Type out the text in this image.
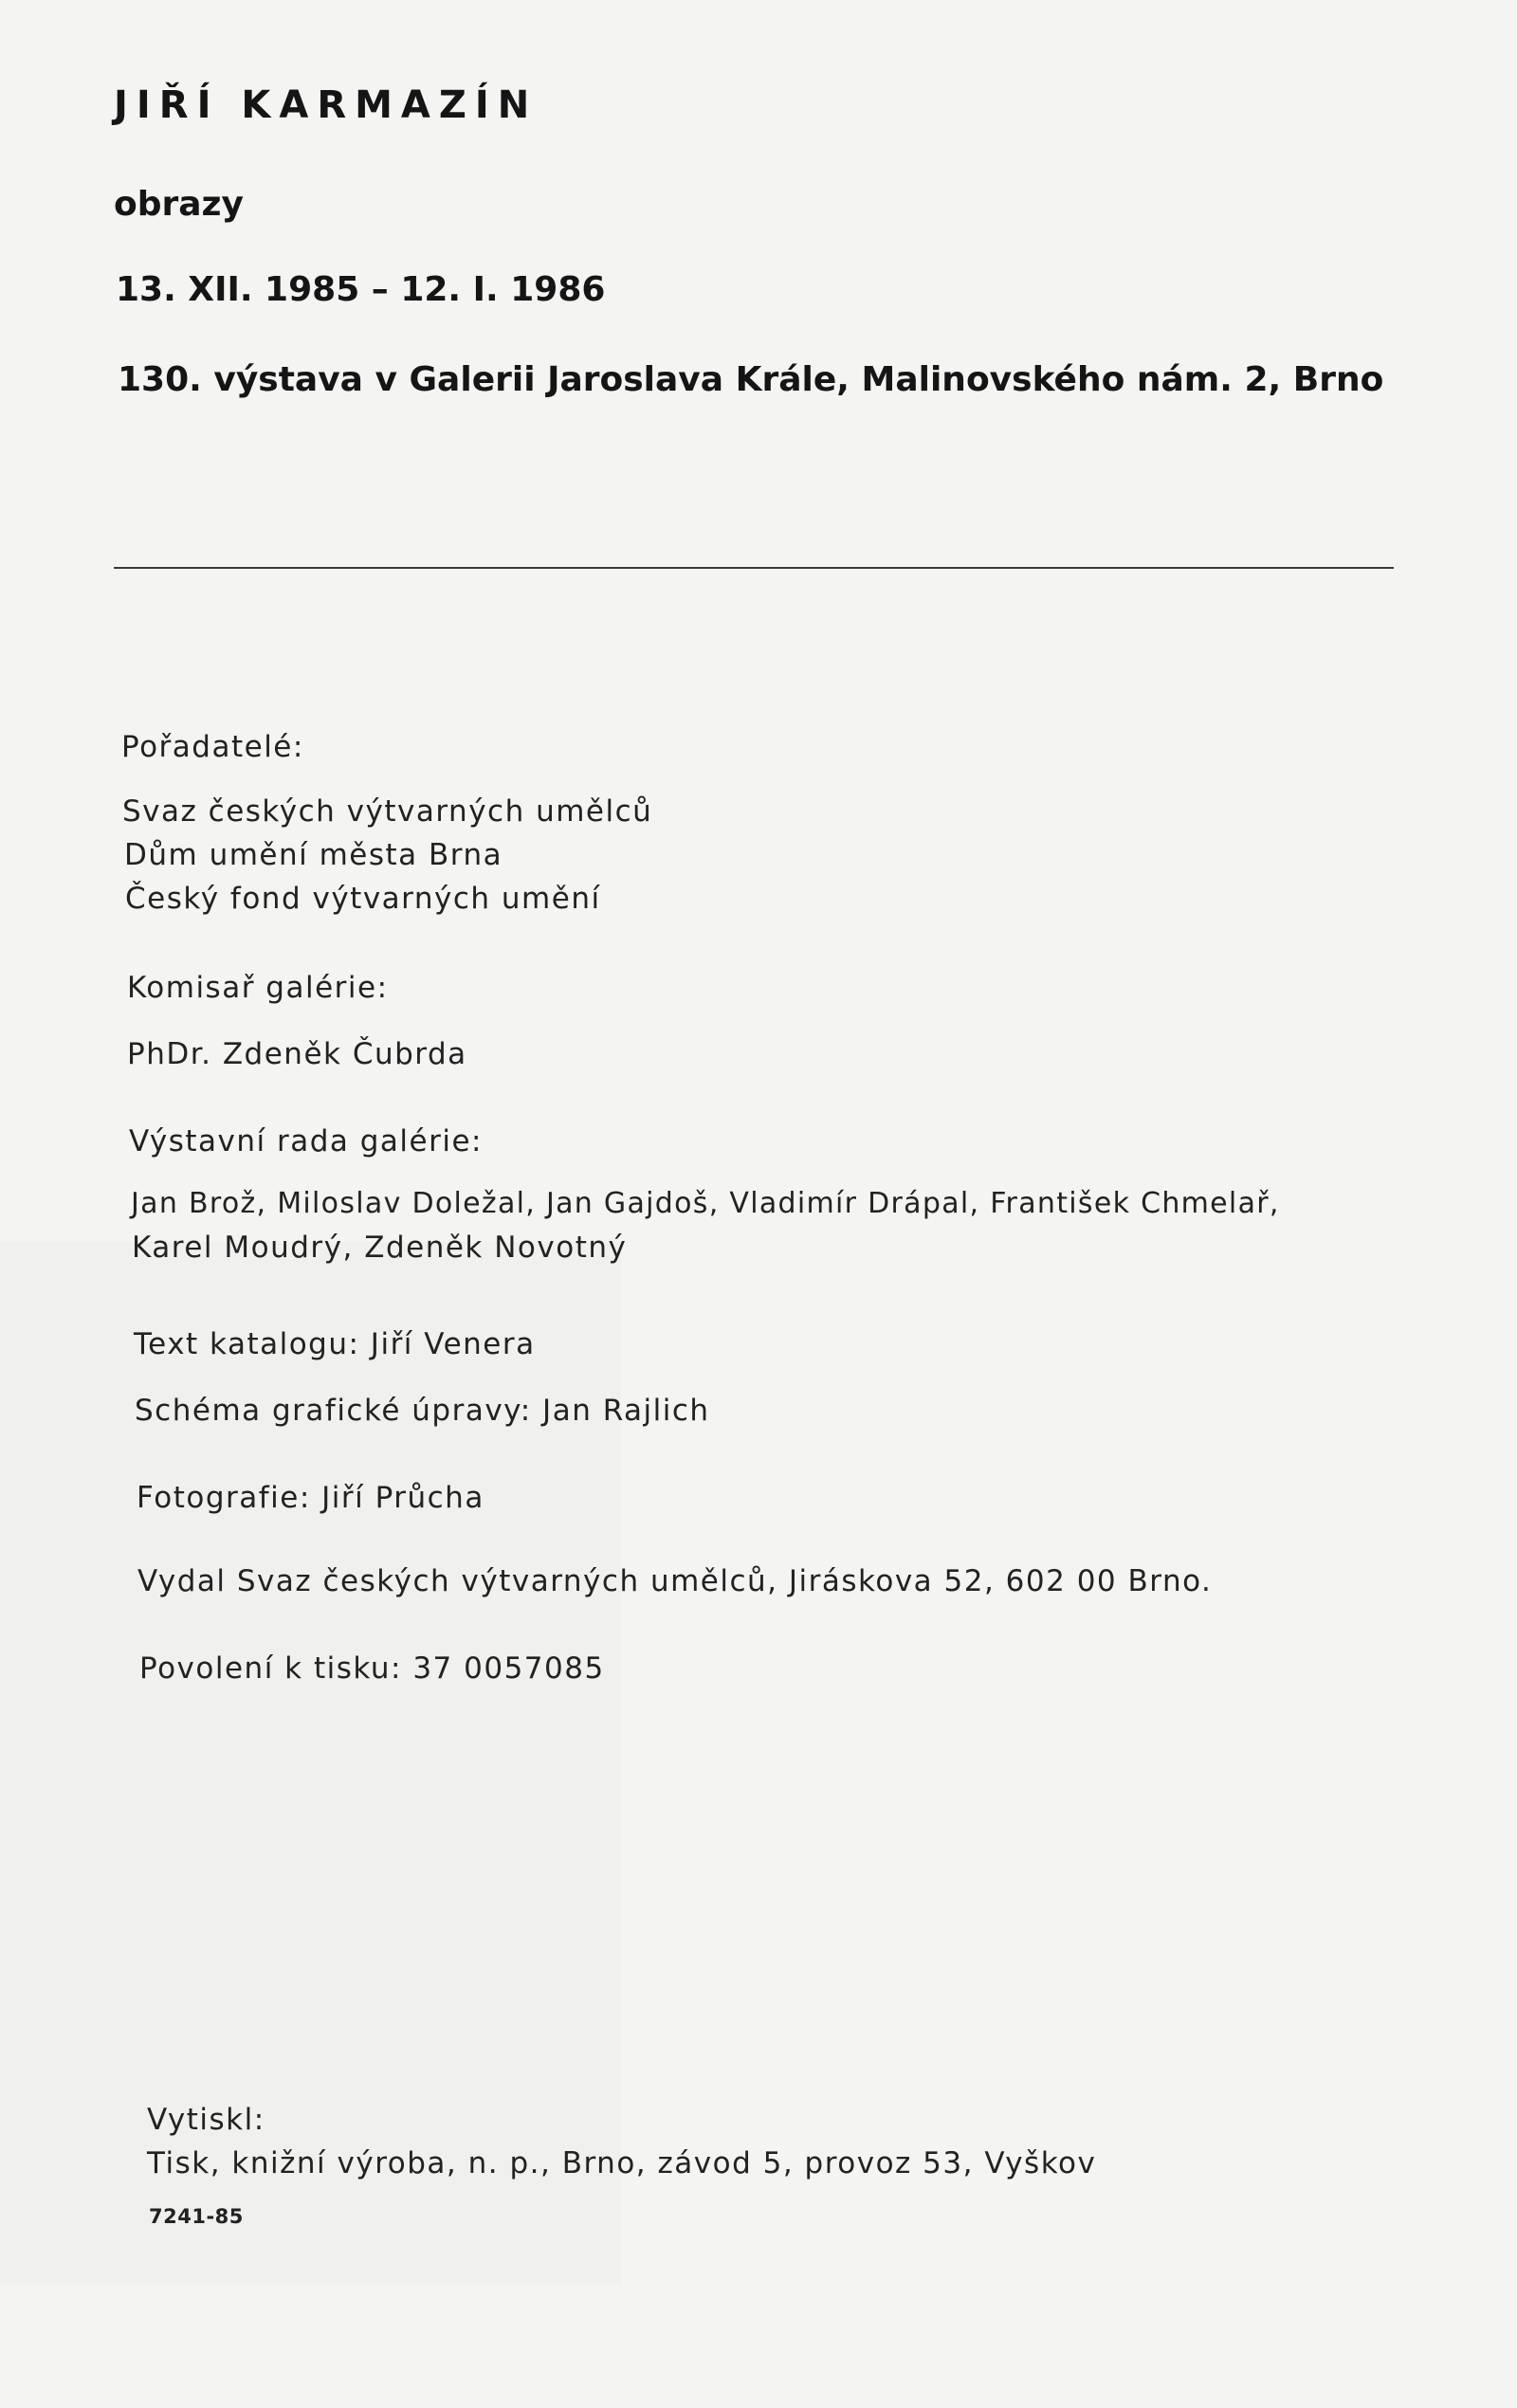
JIŘÍ KARMAZÍN

obrazy

13. XII. 1985 – 12. I. 1986

130. výstava v Galerii Jaroslava Krále, Malinovského nám. 2, Brno

Pořadatelé:

Svaz českých výtvarných umělců

Dům umění města Brna

Český fond výtvarných umění

Komisař galérie:

PhDr. Zdeněk Čubrda

Výstavní rada galérie:

Jan Brož, Miloslav Doležal, Jan Gajdoš, Vladimír Drápal, František Chmelař,

Karel Moudrý, Zdeněk Novotný

Text katalogu: Jiří Venera

Schéma grafické úpravy: Jan Rajlich

Fotografie: Jiří Průcha

Vydal Svaz českých výtvarných umělců, Jiráskova 52, 602 00 Brno.

Povolení k tisku: 37 0057085

Vytiskl:

Tisk, knižní výroba, n. p., Brno, závod 5, provoz 53, Vyškov

7241-85
